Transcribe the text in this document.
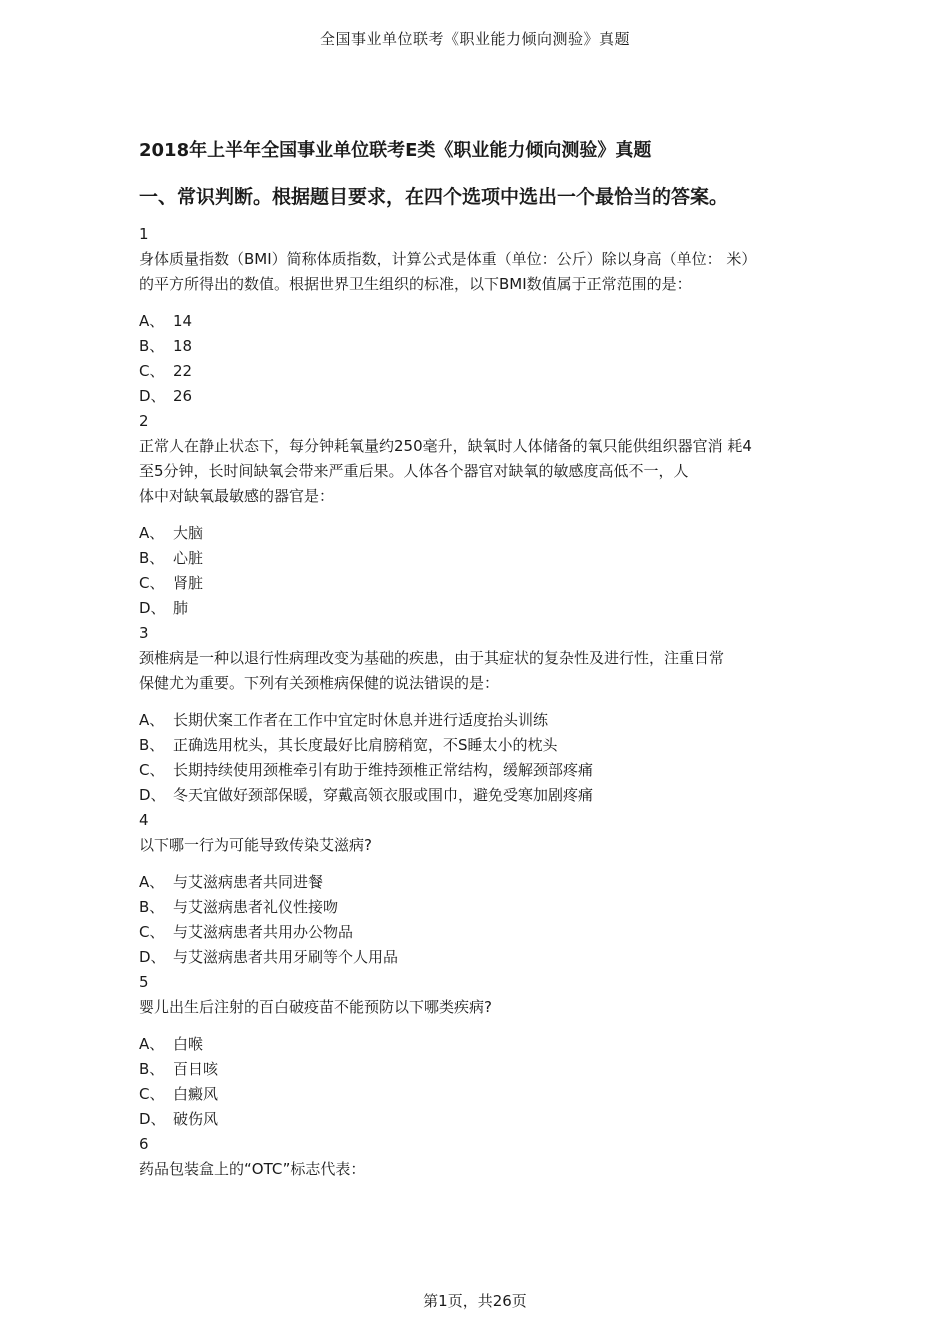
全国事业单位联考《职业能力倾向测验》真题
2018年上半年全国事业单位联考E类《职业能力倾向测验》真题
一、常识判断。根据题目要求，在四个选项中选出一个最恰当的答案。
1
身体质量指数（BMI）简称体质指数，计算公式是体重（单位：公斤）除以身高（单位： 米）
的平方所得出的数值。根据世界卫生组织的标准，以下BMI数值属于正常范围的是：
A、 14
B、 18
C、 22
D、 26
2
正常人在静止状态下，每分钟耗氧量约250毫升，缺氧时人体储备的氧只能供组织器官消 耗4
至5分钟，长时间缺氧会带来严重后果。人体各个器官对缺氧的敏感度高低不一，人
体中对缺氧最敏感的器官是：
A、 大脑
B、 心脏
C、 肾脏
D、 肺
3
颈椎病是一种以退行性病理改变为基础的疾患，由于其症状的复杂性及进行性，注重日常
保健尤为重要。下列有关颈椎病保健的说法错误的是：
A、 长期伏案工作者在工作中宜定时休息并进行适度抬头训练
B、 正确选用枕头，其长度最好比肩膀稍宽，不S睡太小的枕头
C、 长期持续使用颈椎牵引有助于维持颈椎正常结构，缓解颈部疼痛
D、 冬天宜做好颈部保暖，穿戴高领衣服或围巾，避免受寒加剧疼痛
4
以下哪一行为可能导致传染艾滋病?
A、 与艾滋病患者共同进餐
B、 与艾滋病患者礼仪性接吻
C、 与艾滋病患者共用办公物品
D、 与艾滋病患者共用牙刷等个人用品
5
婴儿出生后注射的百白破疫苗不能预防以下哪类疾病?
A、 白喉
B、 百日咳
C、 白癜风
D、 破伤风
6
药品包装盒上的“OTC”标志代表：
第1页，共26页
